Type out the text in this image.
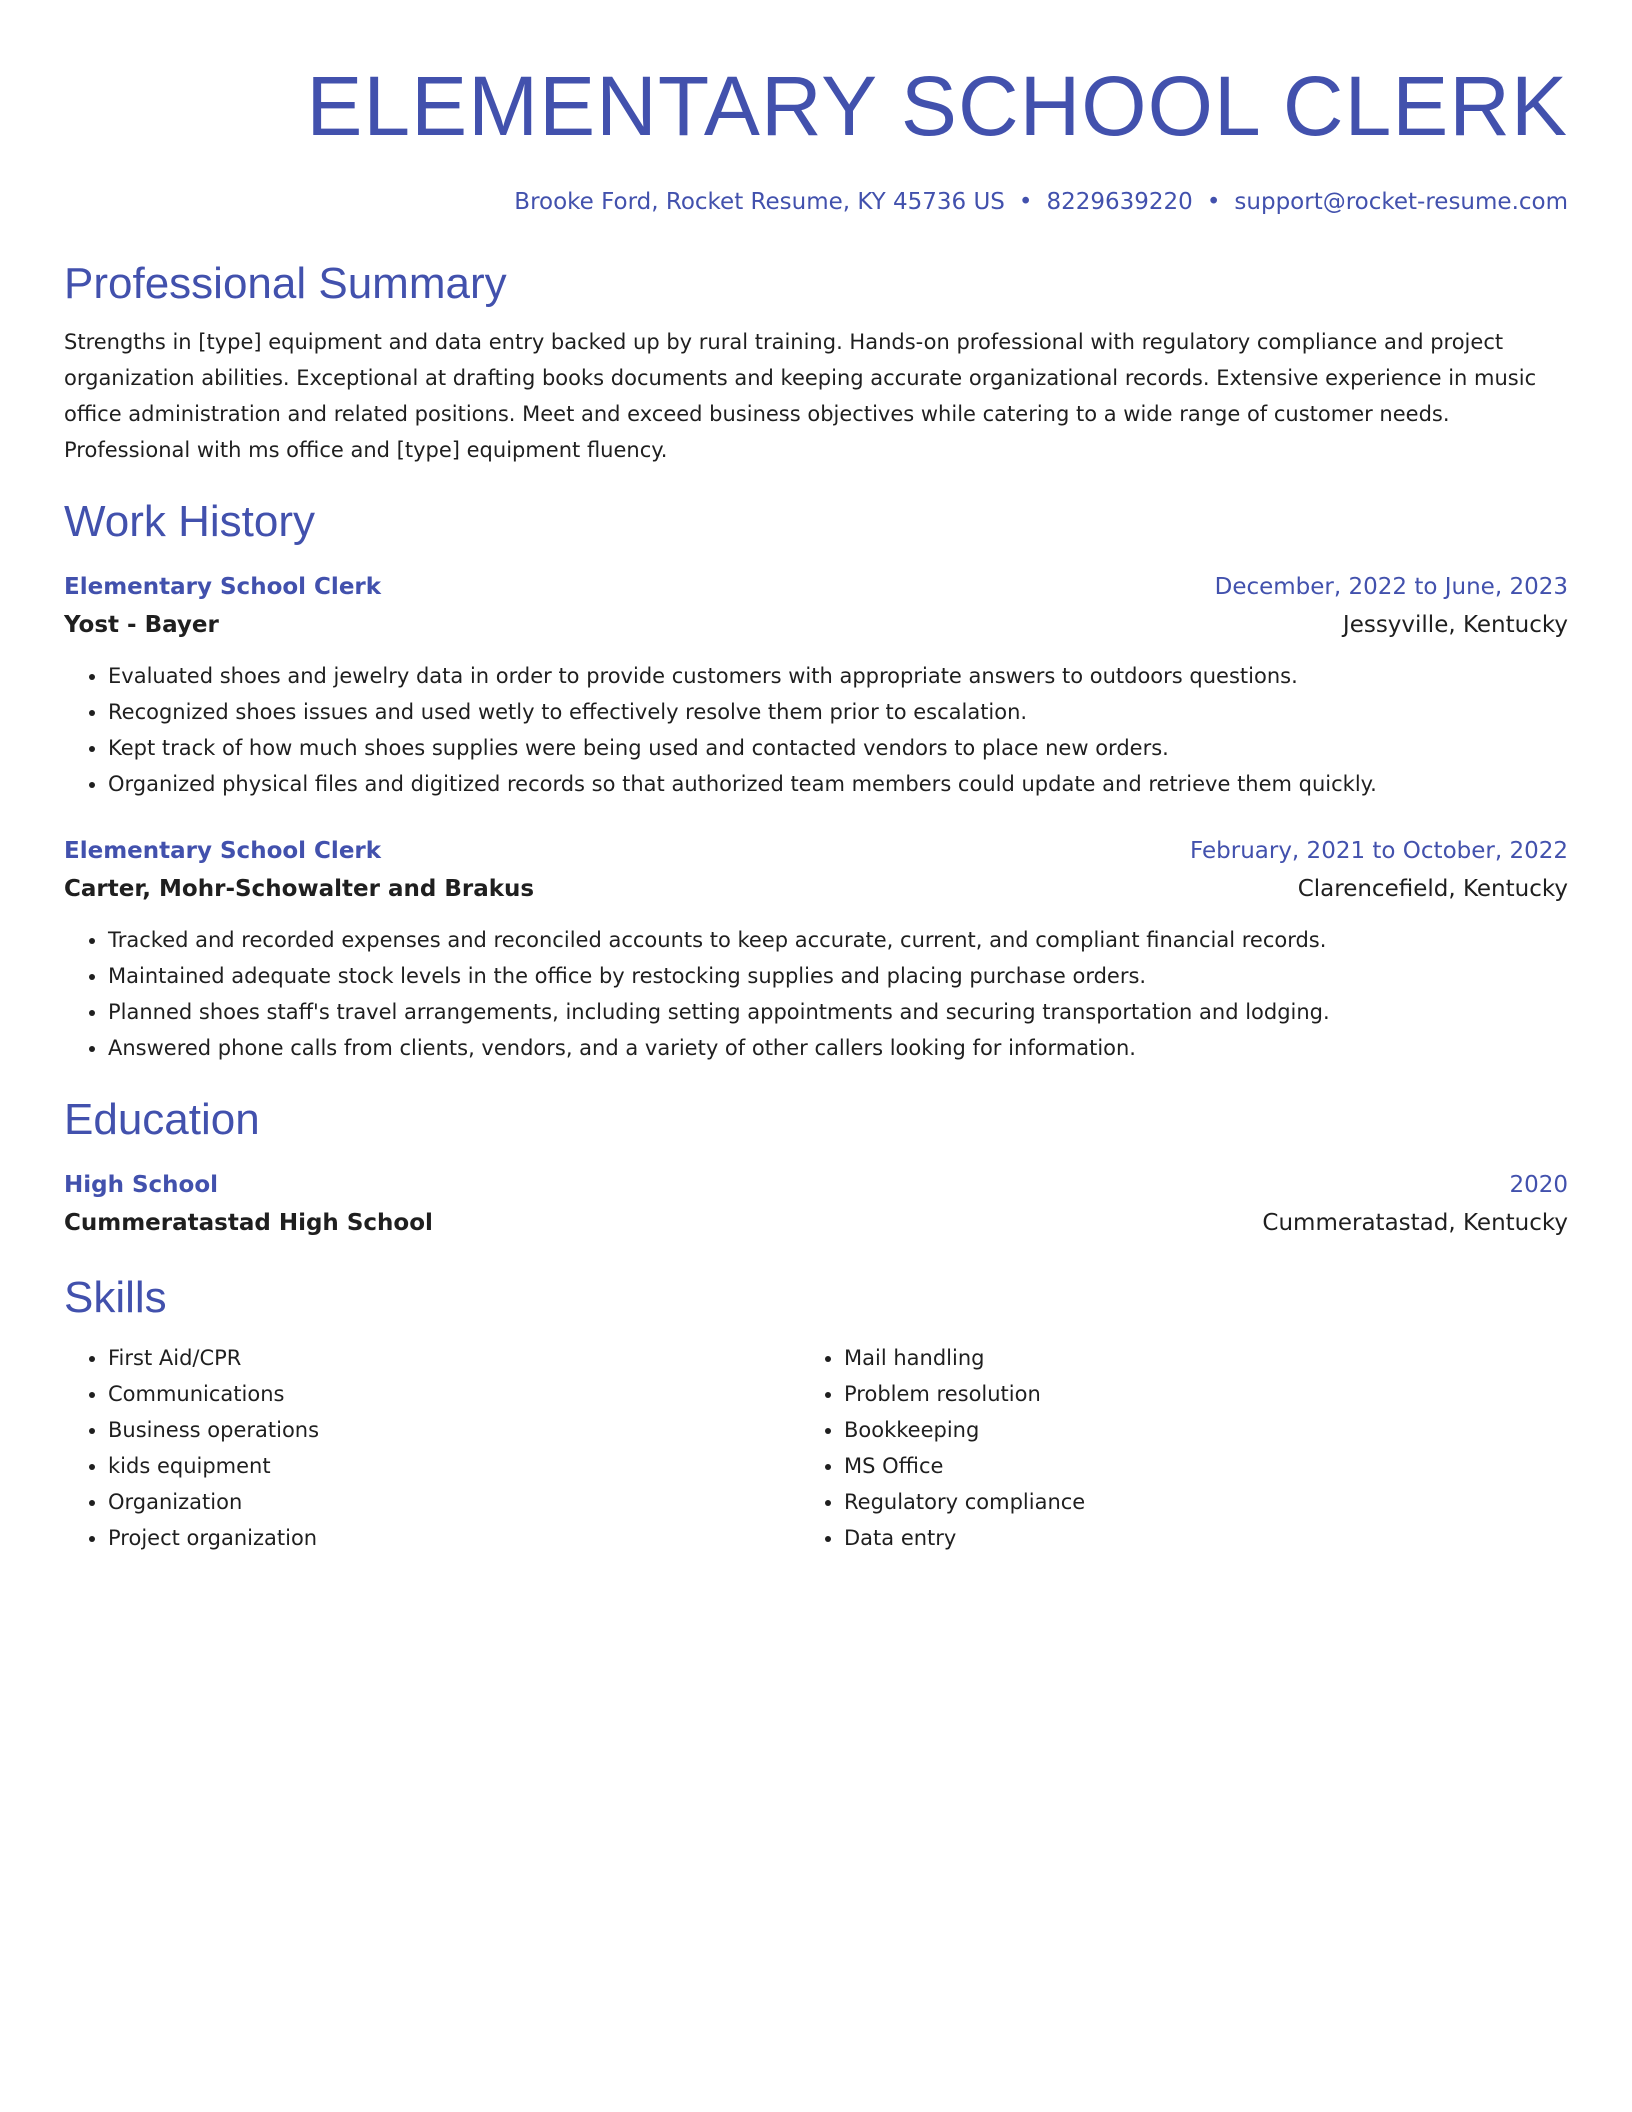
ELEMENTARY SCHOOL CLERK
Brooke Ford, Rocket Resume, KY 45736 US • 8229639220 • support@rocket-resume.com
Professional Summary

Strengths in [type] equipment and data entry backed up by rural training. Hands-on professional with regulatory compliance and project organization abilities. Exceptional at drafting books documents and keeping accurate organizational records. Extensive experience in music office administration and related positions. Meet and exceed business objectives while catering to a wide range of customer needs. Professional with ms office and [type] equipment fluency.

Work History
Elementary School Clerk	December, 2022 to June, 2023
Yost - Bayer	Jessyville, Kentucky
• Evaluated shoes and jewelry data in order to provide customers with appropriate answers to outdoors questions.
• Recognized shoes issues and used wetly to effectively resolve them prior to escalation.
• Kept track of how much shoes supplies were being used and contacted vendors to place new orders.
• Organized physical files and digitized records so that authorized team members could update and retrieve them quickly.
Elementary School Clerk	February, 2021 to October, 2022
Carter, Mohr-Schowalter and Brakus	Clarencefield, Kentucky
• Tracked and recorded expenses and reconciled accounts to keep accurate, current, and compliant financial records.
• Maintained adequate stock levels in the office by restocking supplies and placing purchase orders.
• Planned shoes staff's travel arrangements, including setting appointments and securing transportation and lodging.
• Answered phone calls from clients, vendors, and a variety of other callers looking for information.
Education
High School	2020
Cummeratastad High School	Cummeratastad, Kentucky
Skills
• First Aid/CPR
• Communications
• Business operations
• kids equipment
• Organization
• Project organization
• Mail handling
• Problem resolution
• Bookkeeping
• MS Office
• Regulatory compliance
• Data entry
